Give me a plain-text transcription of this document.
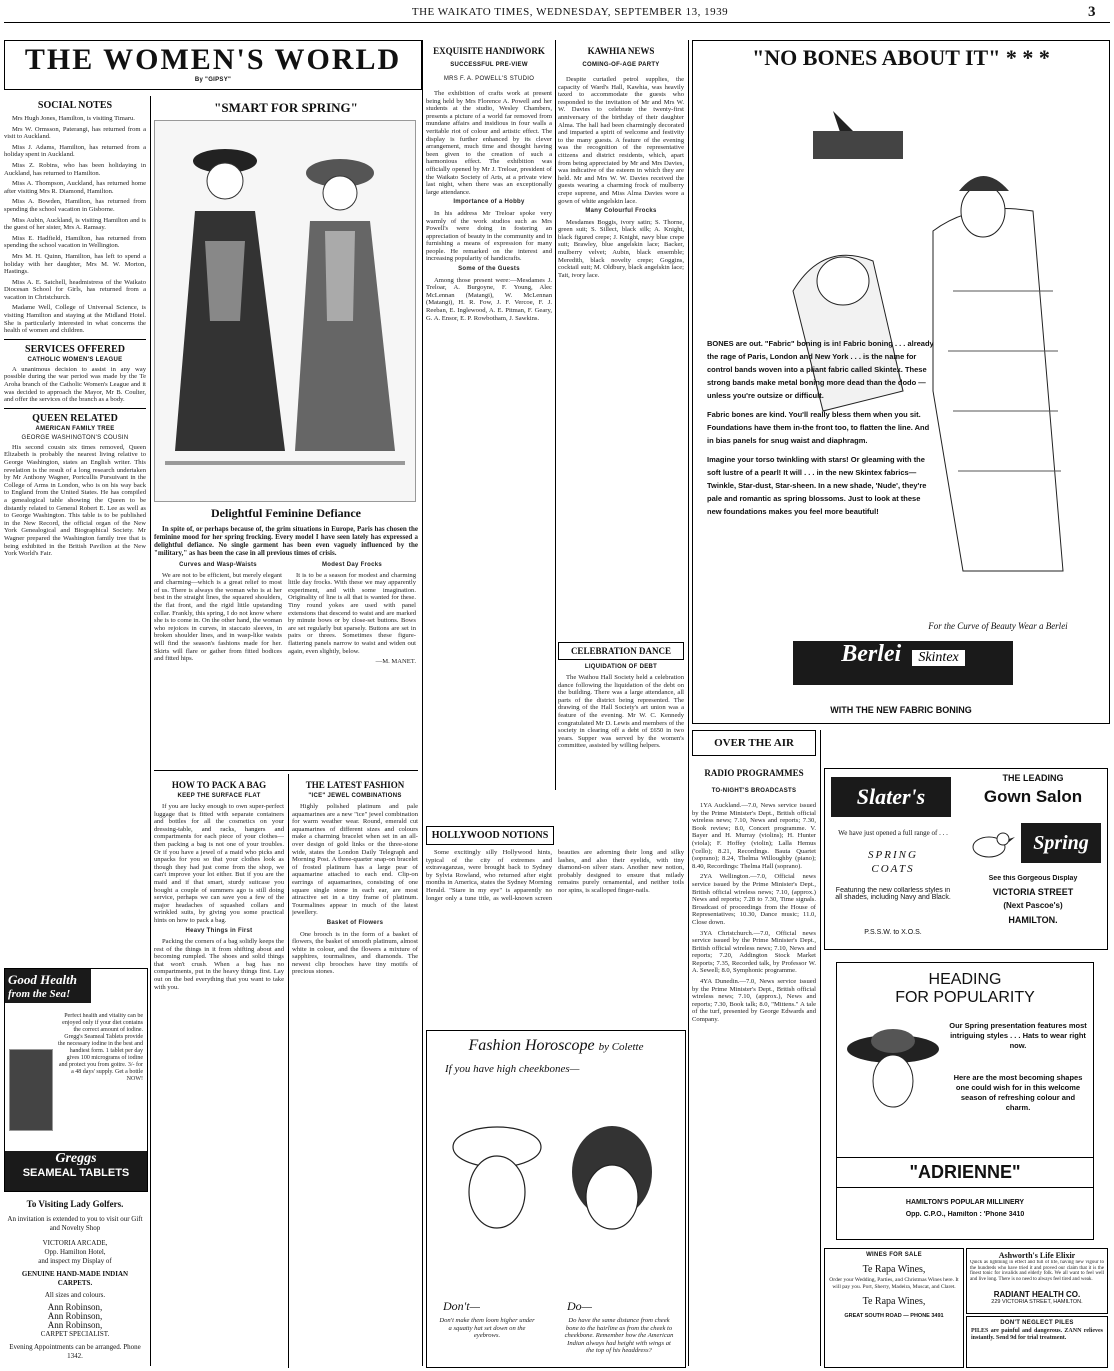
THE WAIKATO TIMES, WEDNESDAY, SEPTEMBER 13, 1939	3
THE WOMEN'S WORLD
By "GIPSY"
SOCIAL NOTES

Mrs Hugh Jones, Hamilton, is visiting Timaru.

Mrs W. Ormsson, Paterangi, has returned from a visit to Auckland.

Miss J. Adams, Hamilton, has returned from a holiday spent in Auckland.

Miss Z. Robins, who has been holidaying in Auckland, has returned to Hamilton.

Miss A. Thompson, Auckland, has returned home after visiting Mrs R. Diamond, Hamilton.

Miss A. Bowden, Hamilton, has returned from spending the school vacation in Gisborne.

Miss Aubin, Auckland, is visiting Hamilton and is the guest of her sister, Mrs A. Ramsay.

Miss E. Hadfield, Hamilton, has returned from spending the school vacation in Wellington.

Mrs M. H. Quinn, Hamilton, has left to spend a holiday with her daughter, Mrs M. W. Morton, Hastings.

Miss A. E. Satchell, headmistress of the Waikato Diocesan School for Girls, has returned from a vacation in Christchurch.

Madame Well, College of Universal Science, is visiting Hamilton and staying at the Midland Hotel. She is particularly interested in what concerns the health of women and children.

SERVICES OFFERED
CATHOLIC WOMEN'S LEAGUE

A unanimous decision to assist in any way possible during the war period was made by the Te Aroha branch of the Catholic Women's League and it was decided to approach the Mayor, Mr B. Coulter, and offer the services of the branch as a body.

QUEEN RELATED
AMERICAN FAMILY TREE
GEORGE WASHINGTON'S COUSIN

His second cousin six times removed, Queen Elizabeth is probably the nearest living relative to George Washington, states an English writer. This revelation is the result of a long research undertaken by Mr Anthony Wagner, Portcullis Pursuivant in the College of Arms in London, who is on his way back to England from the United States. He has compiled a genealogical table showing the Queen to be distantly related to General Robert E. Lee as well as to George Washington. This table is to be published in the New Record, the official organ of the New York Genealogical and Biographical Society. Mr Wagner prepared the Washington family tree that is being exhibited in the British Pavilion at the New York World's Fair.

Good Health
from the Sea!
Perfect health and vitality can be enjoyed only if your diet contains the correct amount of iodine. Gregg's Seameal Tablets provide the necessary iodine in the best and handiest form. 1 tablet per day gives 100 micrograms of iodine and protect you from goitre. 3/- for a 48 days' supply. Get a bottle NOW!
Greggs
SEAMEAL TABLETS
To Visiting Lady Golfers.
An invitation is extended to you to visit our Gift and Novelty Shop
VICTORIA ARCADE,
Opp. Hamilton Hotel,
and inspect my Display of
GENUINE HAND-MADE INDIAN CARPETS.
All sizes and colours.
Ann Robinson,
Ann Robinson,
Ann Robinson,
CARPET SPECIALIST.
Evening Appointments can be arranged. Phone 1342.
"SMART FOR SPRING"
Delightful Feminine Defiance

In spite of, or perhaps because of, the grim situations in Europe, Paris has chosen the feminine mood for her spring frocking. Every model I have seen lately has expressed a delightful defiance. No single garment has been even vaguely influenced by the "military," as has been the case in all previous times of crisis.

Curves and Wasp-Waists

We are not to be efficient, but merely elegant and charming—which is a great relief to most of us. There is always the woman who is at her best in the straight lines, the squared shoulders, the flat front, and the rigid little upstanding collar. Frankly, this spring, I do not know where she is to come in. On the other hand, the woman who rejoices in curves, in staccato sleeves, in broken shoulder lines, and in wasp-like waists will find the season's fashions made for her. Skirts will flare or gather from fitted bodices and fitted hips.

Modest Day Frocks

It is to be a season for modest and charming little day frocks. With these we may apparently experiment, and with some imagination. Originality of line is all that is wanted for these. Tiny round yokes are used with panel extensions that descend to waist and are marked by minute bows or by close-set buttons. Bows are set regularly but sparsely. Buttons are set in pairs or threes. Sometimes these figure-flattering panels narrow to waist and widen out again, even slightly, below.

—M. MANET.
HOW TO PACK A BAG
KEEP THE SURFACE FLAT

If you are lucky enough to own super-perfect luggage that is fitted with separate containers and bottles for all the cosmetics on your dressing-table, and racks, hangers and compartments for each piece of your clothes—then packing a bag is not one of your troubles. Or if you have a jewel of a maid who picks and unpacks for you so that your clothes look as though they had just come from the shop, we can't improve your lot either. But if you are the maid and if that smart, sturdy suitcase you bought a couple of summers ago is still doing service, perhaps we can save you a few of the major headaches of squashed collars and wrinkled suits, by giving you some practical hints on how to pack a bag.

Heavy Things in First

Packing the corners of a bag solidly keeps the rest of the things in it from shifting about and becoming rumpled. The shoes and solid things that won't crush. When a bag has no compartments, put in the heavy things first. Lay out on the bed everything that you want to take with you.

THE LATEST FASHION
"ICE" JEWEL COMBINATIONS

Highly polished platinum and pale aquamarines are a new "ice" jewel combination for warm weather wear. Round, emerald cut aquamarines of different sizes and colours make a charming bracelet when set in an all-over design of gold links or the three-stone wide, states the London Daily Telegraph and Morning Post. A three-quarter snap-on bracelet of frosted platinum has a large pear of aquamarine attached to each end. Clip-on earrings of aquamarines, consisting of one square single stone in each ear, are most attractive set in a tiny frame of platinum. Tourmalines appear in much of the latest jewellery.

Basket of Flowers

One brooch is in the form of a basket of flowers, the basket of smooth platinum, almost white in colour, and the flowers a mixture of sapphires, tourmalines, and diamonds. The newest clip brooches have tiny motifs of precious stones.

EXQUISITE HANDIWORK
SUCCESSFUL PRE-VIEW
MRS F. A. POWELL'S STUDIO

The exhibition of crafts work at present being held by Mrs Florence A. Powell and her students at the studio, Wesley Chambers, presents a picture of a world far removed from mundane affairs and insidious in four walls a veritable riot of colour and artistic effect. The display is further enhanced by its clever arrangement, much time and thought having been given to the creation of such a harmonious effect. The exhibition was officially opened by Mr J. Treloar, president of the Waikato Society of Arts, at a private view last night, when there was an exceptionally large attendance.

Importance of a Hobby

In his address Mr Treloar spoke very warmly of the work studios such as Mrs Powell's were doing in fostering an appreciation of beauty in the community and in furnishing a means of expression for many people. He remarked on the interest and increasing popularity of handicrafts.

Some of the Guests

Among those present were:—Mesdames J. Treloar, A. Burgoyne, F. Young, Alec McLennan (Matangi), W. McLennan (Matangi), H. R. Fow, J. F. Vercoe, F. J. Reeban, E. Inglewood, A. E. Pitman, F. Geary, G. A. Ensor, E. P. Rowbotham, J. Sawkins.

KAWHIA NEWS
COMING-OF-AGE PARTY

Despite curtailed petrol supplies, the capacity of Ward's Hall, Kawhia, was heavily taxed to accommodate the guests who responded to the invitation of Mr and Mrs W. W. Davies to celebrate the twenty-first anniversary of the birthday of their daughter Alma. The hall had been charmingly decorated and imparted a spirit of welcome and festivity to the many guests. A feature of the evening was the recognition of the representative citizens and district residents, which, apart from being appreciated by Mr and Mrs Davies, was indicative of the esteem in which they are held. Mr and Mrs W. W. Davies received the guests wearing a charming frock of mulberry crepe suprene, and Miss Alma Davies wore a gown of white angelskin lace.

Many Colourful Frocks

Mesdames Boggis, ivory satin; S. Thorne, green suit; S. Sillect, black silk; A. Knight, black figured crepe; J. Knight, navy blue crepe suit; Brawley, blue angelskin lace; Backer, mulberry velvet; Aubin, black ensemble; Meredith, black novelty crepe; Goggins, cocktail suit; M. Oldbury, black angelskin lace; Tait, ivory lace.

CELEBRATION DANCE
LIQUIDATION OF DEBT

The Waihou Hall Society held a celebration dance following the liquidation of the debt on the building. There was a large attendance, all parts of the district being represented. The drawing of the Hall Society's art union was a feature of the evening. Mr W. C. Kennedy congratulated Mr D. Lewis and members of the society in clearing off a debt of £650 in two years. Supper was served by the women's committee, assisted by willing helpers.

HOLLYWOOD NOTIONS

Some excitingly silly Hollywood hints, typical of the city of extremes and extravaganzas, were brought back to Sydney by Sylvia Rowland, who returned after eight months in America, states the Sydney Morning Herald. "Stare in my eye" is apparently no longer only a tune title, as well-known screen beauties are adorning their long and silky lashes, and also their eyelids, with tiny diamond-on silver stars. Another new notion, probably designed to ensure that milady remains purely ornamental, and neither toils nor spins, is scalloped finger-nails.

Fashion Horoscope by Colette
If you have high cheekbones—
Don't—	Do—
Don't make them loom higher under a squatty hat set down on the eyebrows.
Do have the same distance from cheek bone to the hairline as from the cheek to cheekbone. Remember how the American Indian always had height with wings at the top of his headdress?
"NO BONES ABOUT IT" * * *
BONES are out. "Fabric" boning is in! Fabric boning . . . already the rage of Paris, London and New York . . . is the name for control bands woven into a pliant fabric called Skintex. These strong bands make metal boning more dead than the dodo — unless you're outsize or difficult.
Fabric bones are kind. You'll really bless them when you sit. Foundations have them in-the front too, to flatten the line. And in bias panels for snug waist and diaphragm.
Imagine your torso twinkling with stars! Or gleaming with the soft lustre of a pearl! It will . . . in the new Skintex fabrics—Twinkle, Star-dust, Star-sheen. In a new shade, 'Nude', they're pale and romantic as spring blossoms. Just to look at these new foundations makes you feel more beautiful!
For the Curve of Beauty Wear a Berlei
Berlei Skintex
WITH THE NEW FABRIC BONING
OVER THE AIR
RADIO PROGRAMMES
TO-NIGHT'S BROADCASTS

1YA Auckland.—7.0, News service issued by the Prime Minister's Dept., British official wireless news; 7.10, News and reports; 7.30, Book review; 8.0, Concert programme. V. Bayer and H. Murray (violins); H. Hunter (viola); F. Hoffey (violin); Lalla Hemus ('cello); 8.21, Recordings. Bauta Quartet (soprano); 8.24, Thelma Willoughby (piano); 8.40, Recordings: Thelma Hall (soprano).

2YA Wellington.—7.0, Official news service issued by the Prime Minister's Dept., British official wireless news; 7.10, (approx.) News and reports; 7.28 to 7.30, Time signals. Broadcast of proceedings from the House of Representatives; 10.30, Dance music; 11.0, Close down.

3YA Christchurch.—7.0, Official news service issued by the Prime Minister's Dept., British official wireless news; 7.10, News and reports; 7.20, Addington Stock Market Reports; 7.35, Recorded talk, by Professor W. A. Sewell; 8.0, Symphonic programme.

4YA Dunedin.—7.0, News service issued by the Prime Minister's Dept., British official wireless news; 7.10, (approx.), News and reports; 7.30, Book talk; 8.0, "Mittens." A tale of the turf, presented by George Edwards and Company.

Slater's
THE LEADING
Gown Salon
We have just opened a full range of . . .
SPRING
COATS
Featuring the new collarless styles in all shades, including Navy and Black.
P.S.S.W. to X.O.S.
Spring
See this Gorgeous Display
VICTORIA STREET
(Next Pascoe's)
HAMILTON.
HEADING
FOR POPULARITY
Our Spring presentation features most intriguing styles . . . Hats to wear right now.
Here are the most becoming shapes one could wish for in this welcome season of refreshing colour and charm.
"ADRIENNE"
HAMILTON'S POPULAR MILLINERY
Opp. C.P.O., Hamilton : 'Phone 3410
Ashworth's Life Elixir
Quick as lightning in effect and full of life, having new vigour to the hundreds who have tried it and proved our claim that it is the finest tonic for invalids and elderly folk. We all want to feel well and live long. There is no need to always feel tired and weak.
RADIANT HEALTH CO.
229 VICTORIA STREET, HAMILTON.
WINES FOR SALE
Te Rapa Wines,
Order your Wedding, Parties, and Christmas Wines here. It will pay you. Port, Sherry, Madeira, Muscat, and Claret.
Te Rapa Wines,
GREAT SOUTH ROAD — PHONE 3491
DON'T NEGLECT PILES
PILES are painful and dangerous. ZANN relieves instantly. Send 9d for trial treatment.
